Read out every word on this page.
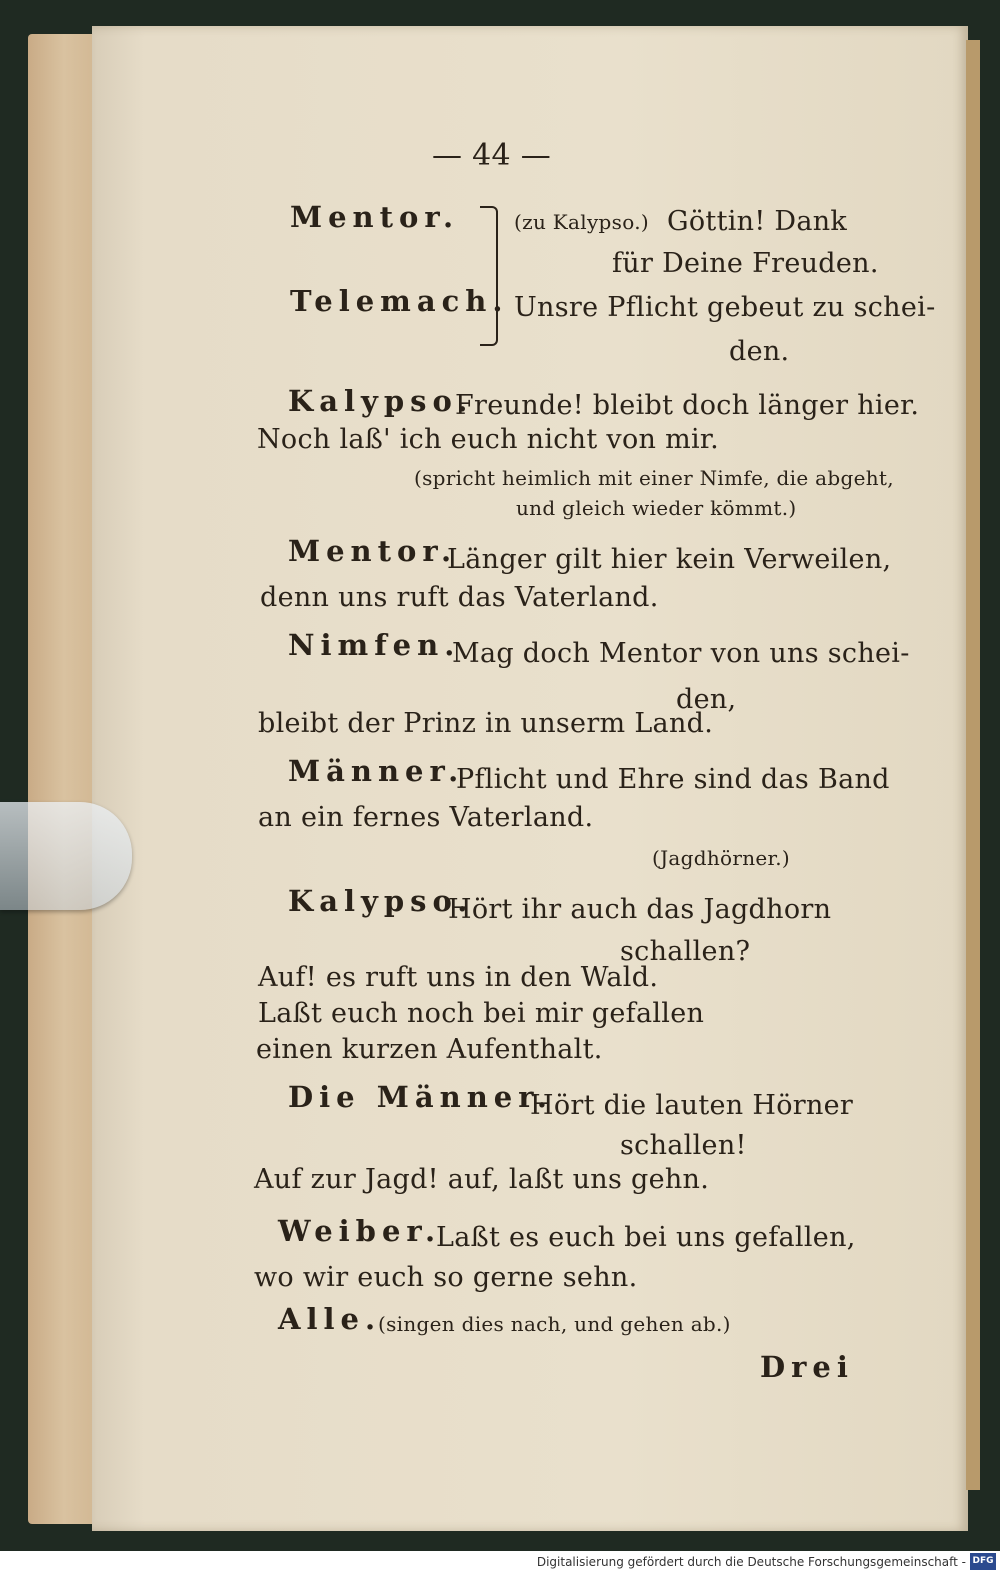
— 44 —
Mentor.
Telemach.
(zu Kalypso.) Göttin! Dank
für Deine Freuden.
Unsre Pflicht gebeut zu schei-
den.
Kalypso.
Freunde! bleibt doch länger hier.
Noch laß' ich euch nicht von mir.
(spricht heimlich mit einer Nimfe, die abgeht,
und gleich wieder kömmt.)
Mentor.
Länger gilt hier kein Verweilen,
denn uns ruft das Vaterland.
Nimfen.
Mag doch Mentor von uns schei-
den,
bleibt der Prinz in unserm Land.
Männer.
Pflicht und Ehre sind das Band
an ein fernes Vaterland.
(Jagdhörner.)
Kalypso.
Hört ihr auch das Jagdhorn
schallen?
Auf! es ruft uns in den Wald.
Laßt euch noch bei mir gefallen
einen kurzen Aufenthalt.
Die Männer.
Hört die lauten Hörner
schallen!
Auf zur Jagd! auf, laßt uns gehn.
Weiber.
Laßt es euch bei uns gefallen,
wo wir euch so gerne sehn.
Alle.
(singen dies nach, und gehen ab.)
Drei
Digitalisierung gefördert durch die Deutsche Forschungsgemeinschaft - DFG
